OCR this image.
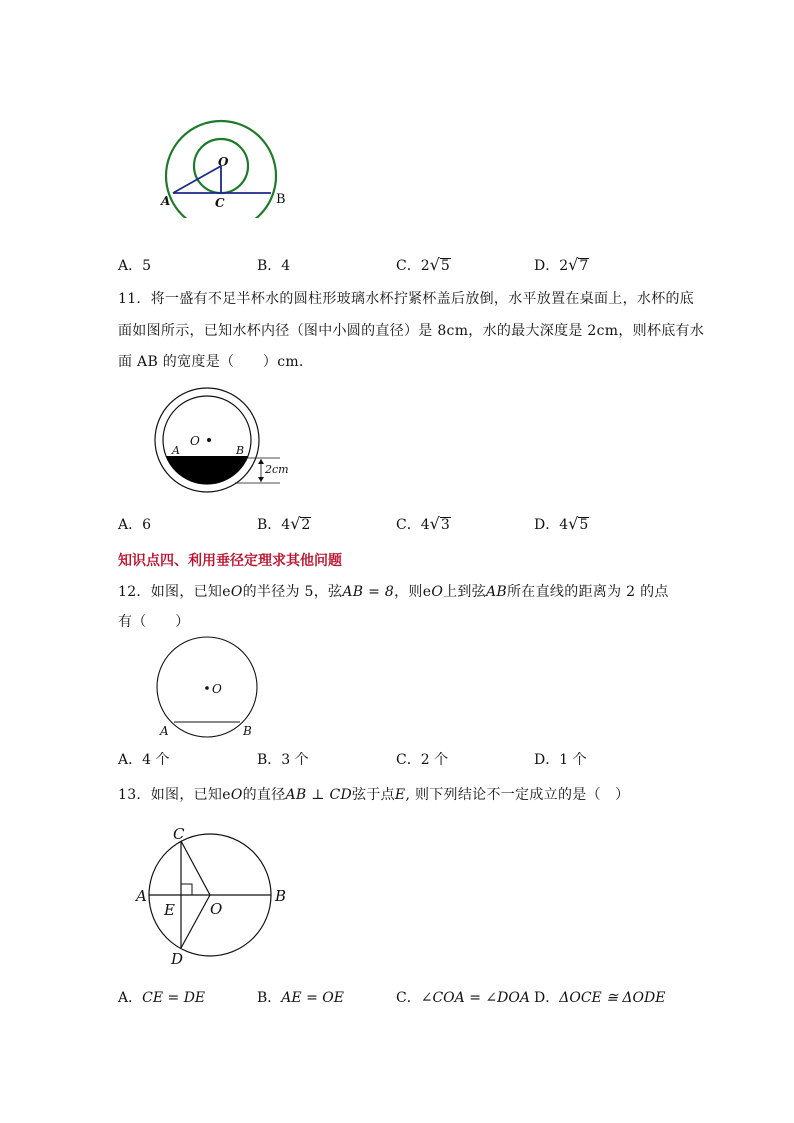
O
A	C	B
A．5	B．4	C．2√5	D．2√7
11．将一盛有不足半杯水的圆柱形玻璃水杯拧紧杯盖后放倒，水平放置在桌面上，水杯的底
面如图所示，已知水杯内径（图中小圆的直径）是 8cm，水的最大深度是 2cm，则杯底有水
面 AB 的宽度是（　　）cm.
O
A	B
2cm
A．6	B．4√2	C．4√3	D．4√5
知识点四、利用垂径定理求其他问题
12．如图，已知eO的半径为 5，弦AB = 8，则eO上到弦AB所在直线的距离为 2 的点
有（　　）
O
A	B
A．4 个	B．3 个	C．2 个	D．1 个
13．如图，已知eO的直径AB ⊥ CD弦于点E, 则下列结论不一定成立的是（　）
C
A	B
E O
D
A．CE = DE	B．AE = OE	C．∠COA = ∠DOA D．ΔOCE ≅ ΔODE
